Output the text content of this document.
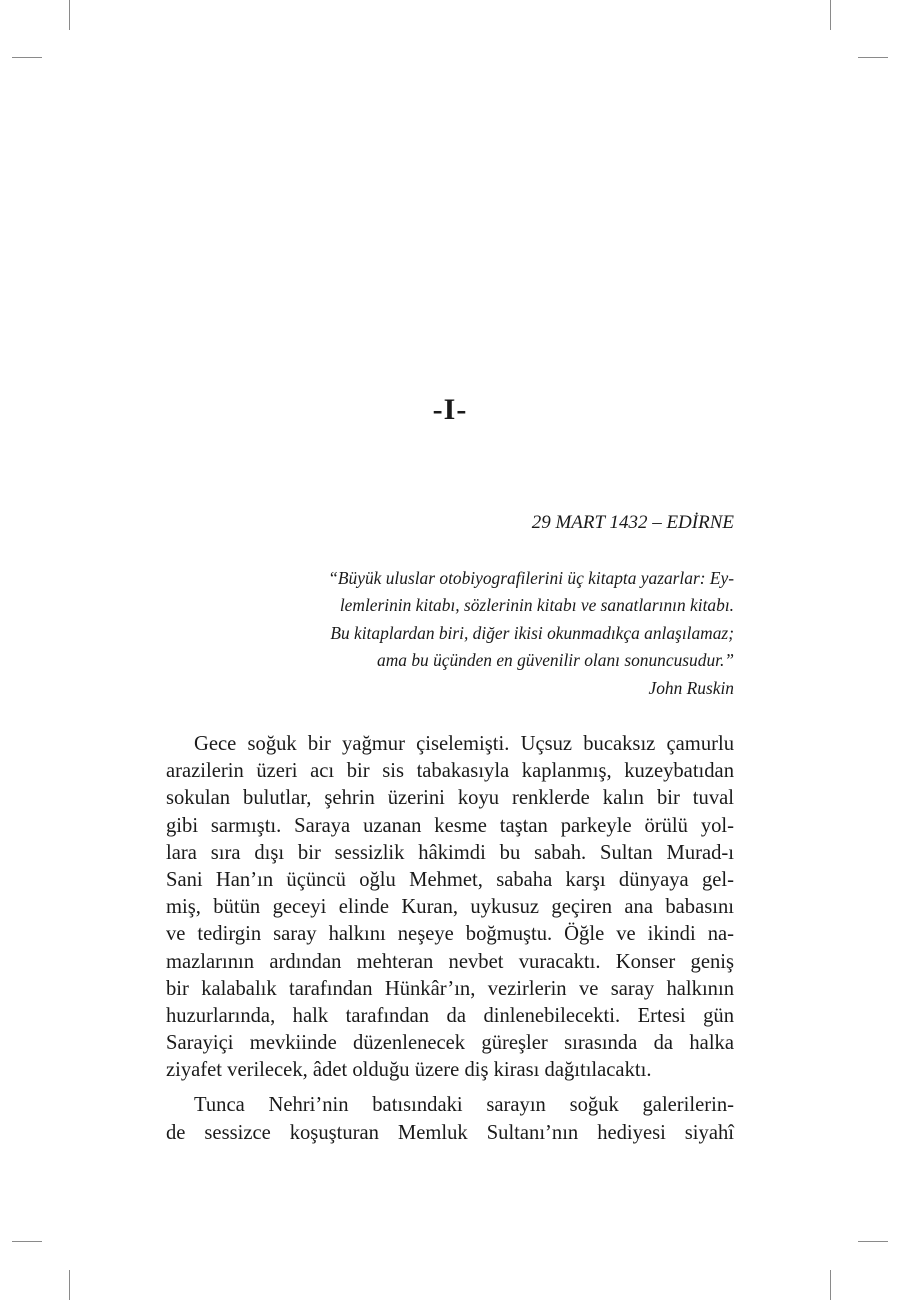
-I-
29 MART 1432 – EDİRNE
“Büyük uluslar otobiyografilerini üç kitapta yazarlar: Ey-
lemlerinin kitabı, sözlerinin kitabı ve sanatlarının kitabı.
Bu kitaplardan biri, diğer ikisi okunmadıkça anlaşılamaz;
ama bu üçünden en güvenilir olanı sonuncusudur.”
John Ruskin
Gece soğuk bir yağmur çiselemişti. Uçsuz bucaksız çamurlu
arazilerin üzeri acı bir sis tabakasıyla kaplanmış, kuzeybatıdan
sokulan bulutlar, şehrin üzerini koyu renklerde kalın bir tuval
gibi sarmıştı. Saraya uzanan kesme taştan parkeyle örülü yol-
lara sıra dışı bir sessizlik hâkimdi bu sabah. Sultan Murad-ı
Sani Han’ın üçüncü oğlu Mehmet, sabaha karşı dünyaya gel-
miş, bütün geceyi elinde Kuran, uykusuz geçiren ana babasını
ve tedirgin saray halkını neşeye boğmuştu. Öğle ve ikindi na-
mazlarının ardından mehteran nevbet vuracaktı. Konser geniş
bir kalabalık tarafından Hünkâr’ın, vezirlerin ve saray halkının
huzurlarında, halk tarafından da dinlenebilecekti. Ertesi gün
Sarayiçi mevkiinde düzenlenecek güreşler sırasında da halka
ziyafet verilecek, âdet olduğu üzere diş kirası dağıtılacaktı.
Tunca Nehri’nin batısındaki sarayın soğuk galerilerin-
de sessizce koşuşturan Memluk Sultanı’nın hediyesi siyahî
